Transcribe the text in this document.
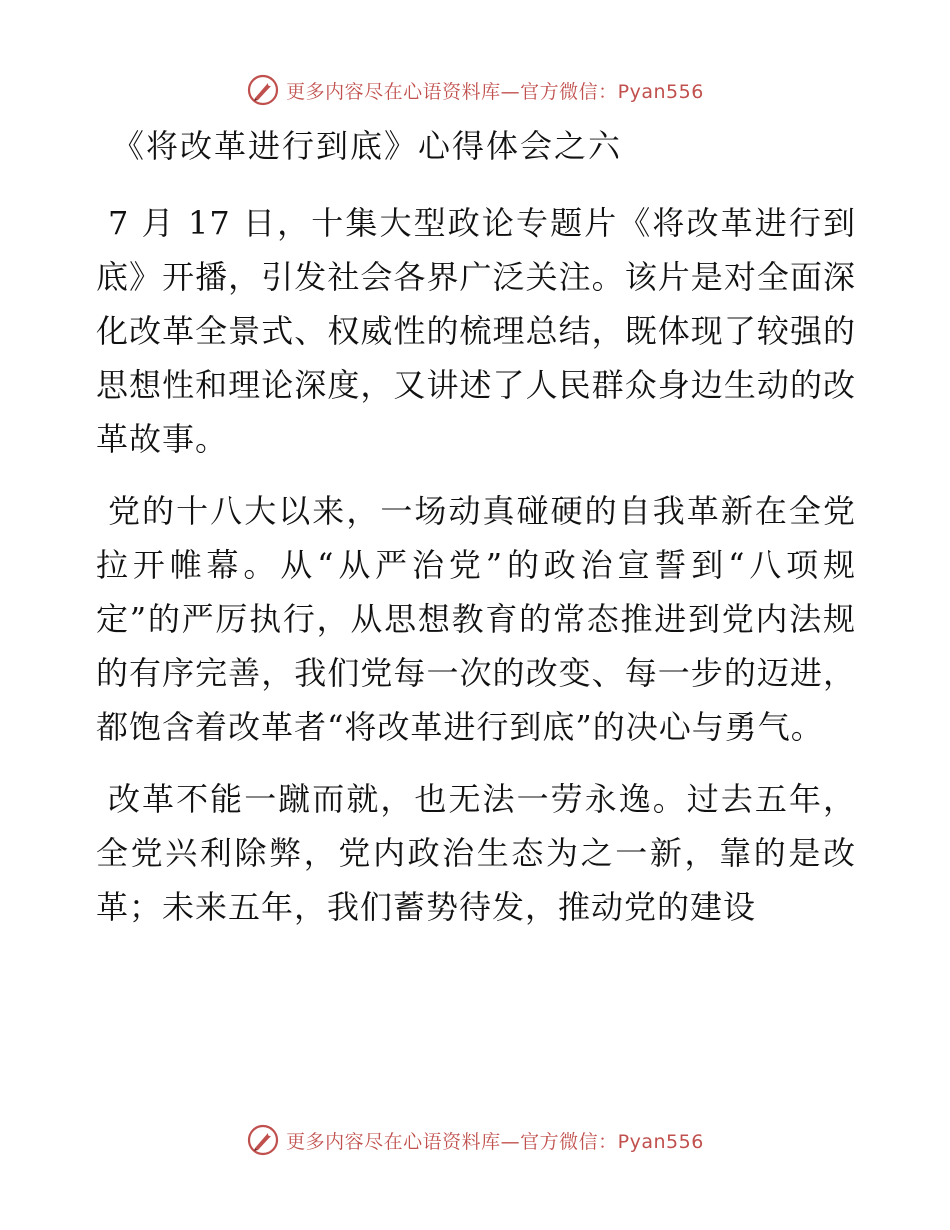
更多内容尽在心语资料库—官方微信：Pyan556
《将改革进行到底》心得体会之六

7 月 17 日，十集大型政论专题片《将改革进行到底》开播，引发社会各界广泛关注。该片是对全面深化改革全景式、权威性的梳理总结，既体现了较强的思想性和理论深度，又讲述了人民群众身边生动的改革故事。

党的十八大以来，一场动真碰硬的自我革新在全党拉开帷幕。从“从严治党”的政治宣誓到“八项规定”的严厉执行，从思想教育的常态推进到党内法规的有序完善，我们党每一次的改变、每一步的迈进，都饱含着改革者“将改革进行到底”的决心与勇气。

改革不能一蹴而就，也无法一劳永逸。过去五年，全党兴利除弊，党内政治生态为之一新，靠的是改革；未来五年，我们蓄势待发，推动党的建设

更多内容尽在心语资料库—官方微信：Pyan556
